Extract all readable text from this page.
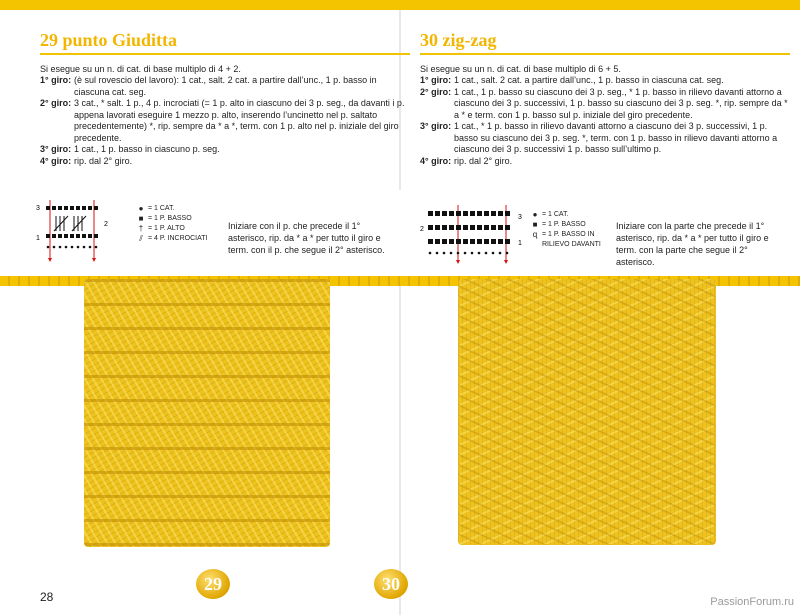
29 punto Giuditta
Si esegue su un n. di cat. di base multiplo di 4 + 2.
1° giro: (è sul rovescio del lavoro): 1 cat., salt. 2 cat. a partire dall’unc., 1 p. basso in ciascuna cat. seg.
2° giro: 3 cat., * salt. 1 p., 4 p. incrociati (= 1 p. alto in ciascuno dei 3 p. seg., da davanti i p. appena lavorati eseguire 1 mezzo p. alto, inserendo l’uncinetto nel p. saltato precedentemente) *, rip. sempre da * a *, term. con 1 p. alto nel p. iniziale del giro precedente.
3° giro: 1 cat., 1 p. basso in ciascuno p. seg.
4° giro: rip. dal 2° giro.
30 zig-zag
Si esegue su un n. di cat. di base multiplo di 6 + 5.
1° giro: 1 cat., salt. 2 cat. a partire dall’unc., 1 p. basso in ciascuna cat. seg.
2° giro: 1 cat., 1 p. basso su ciascuno dei 3 p. seg., * 1 p. basso in rilievo davanti attorno a ciascuno dei 3 p. successivi, 1 p. basso su ciascuno dei 3 p. seg. *, rip. sempre da * a * e term. con 1 p. basso sul p. iniziale del giro precedente.
3° giro: 1 cat., * 1 p. basso in rilievo davanti attorno a ciascuno dei 3 p. successivi, 1 p. basso su ciascuno dei 3 p. seg. *, term. con 1 p. basso in rilievo davanti attorno a ciascuno dei 3 p. successivi 1 p. basso sull’ultimo p.
4° giro: rip. dal 2° giro.
3
2
1
● = 1 CAT.
■ = 1 P. BASSO
† = 1 P. ALTO
⫽ = 4 P. INCROCIATI
Iniziare con il p. che precede il 1° asterisco, rip. da * a * per tutto il giro e term. con il p. che segue il 2° asterisco.
3
2
1
● = 1 CAT.
■ = 1 P. BASSO
ɋ = 1 P. BASSO IN RILIEVO DAVANTI
Iniziare con la parte che precede il 1° asterisco, rip. da * a * per tutto il giro e term. con la parte che segue il 2° asterisco.
29	30
28	PassionForum.ru
